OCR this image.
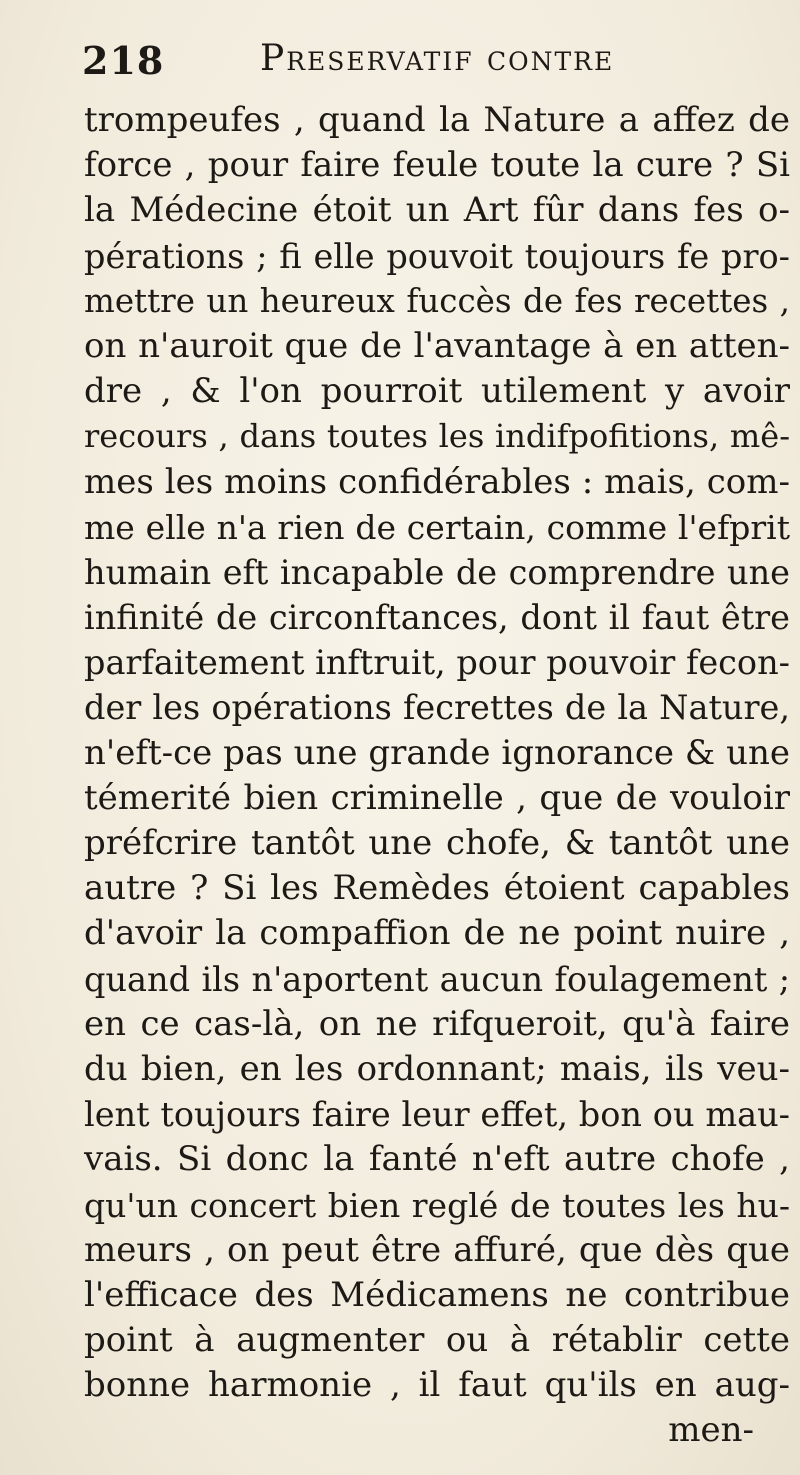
218	Preservatif contre
trompeufes , quand la Nature a affez de
force , pour faire feule toute la cure ? Si
la Médecine étoit un Art fûr dans fes o-
pérations ; fi elle pouvoit toujours fe pro-
mettre un heureux fuccès de fes recettes ,
on n'auroit que de l'avantage à en atten-
dre , & l'on pourroit utilement y avoir
recours , dans toutes les indifpofitions, mê-
mes les moins confidérables : mais, com-
me elle n'a rien de certain, comme l'efprit
humain eft incapable de comprendre une
infinité de circonftances, dont il faut être
parfaitement inftruit, pour pouvoir fecon-
der les opérations fecrettes de la Nature,
n'eft-ce pas une grande ignorance & une
témerité bien criminelle , que de vouloir
préfcrire tantôt une chofe, & tantôt une
autre ? Si les Remèdes étoient capables
d'avoir la compaffion de ne point nuire ,
quand ils n'aportent aucun foulagement ;
en ce cas-là, on ne rifqueroit, qu'à faire
du bien, en les ordonnant; mais, ils veu-
lent toujours faire leur effet, bon ou mau-
vais. Si donc la fanté n'eft autre chofe ,
qu'un concert bien reglé de toutes les hu-
meurs , on peut être affuré, que dès que
l'efficace des Médicamens ne contribue
point à augmenter ou à rétablir cette
bonne harmonie , il faut qu'ils en aug-
men-
